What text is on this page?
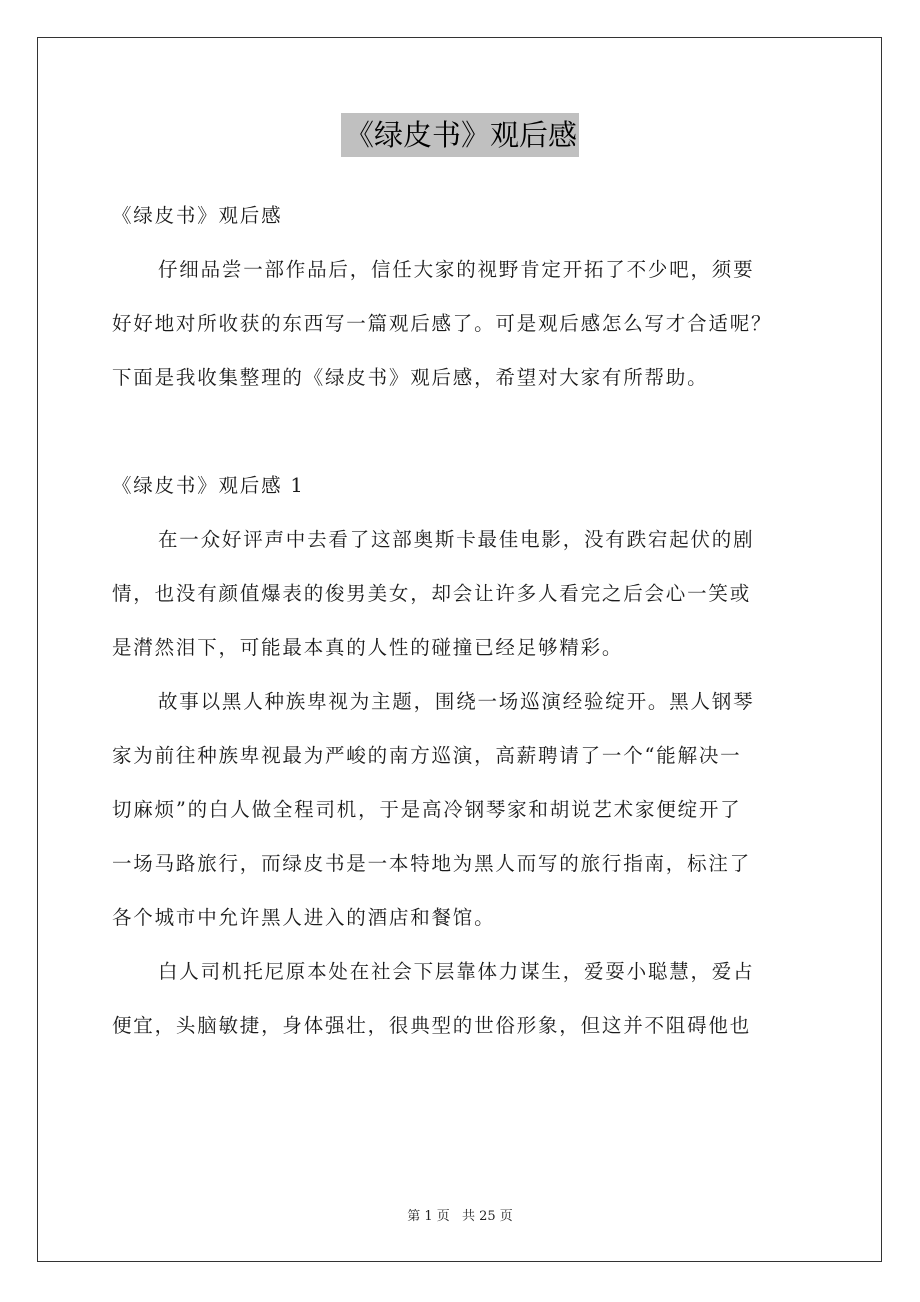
《绿皮书》观后感
《绿皮书》观后感
仔细品尝一部作品后，信任大家的视野肯定开拓了不少吧，须要
好好地对所收获的东西写一篇观后感了。可是观后感怎么写才合适呢？
下面是我收集整理的《绿皮书》观后感，希望对大家有所帮助。
《绿皮书》观后感 1
在一众好评声中去看了这部奥斯卡最佳电影，没有跌宕起伏的剧
情，也没有颜值爆表的俊男美女，却会让许多人看完之后会心一笑或
是潸然泪下，可能最本真的人性的碰撞已经足够精彩。
故事以黑人种族卑视为主题，围绕一场巡演经验绽开。黑人钢琴
家为前往种族卑视最为严峻的南方巡演，高薪聘请了一个“能解决一
切麻烦”的白人做全程司机，于是高冷钢琴家和胡说艺术家便绽开了
一场马路旅行，而绿皮书是一本特地为黑人而写的旅行指南，标注了
各个城市中允许黑人进入的酒店和餐馆。
白人司机托尼原本处在社会下层靠体力谋生，爱耍小聪慧，爱占
便宜，头脑敏捷，身体强壮，很典型的世俗形象，但这并不阻碍他也
第 1 页 共 25 页
